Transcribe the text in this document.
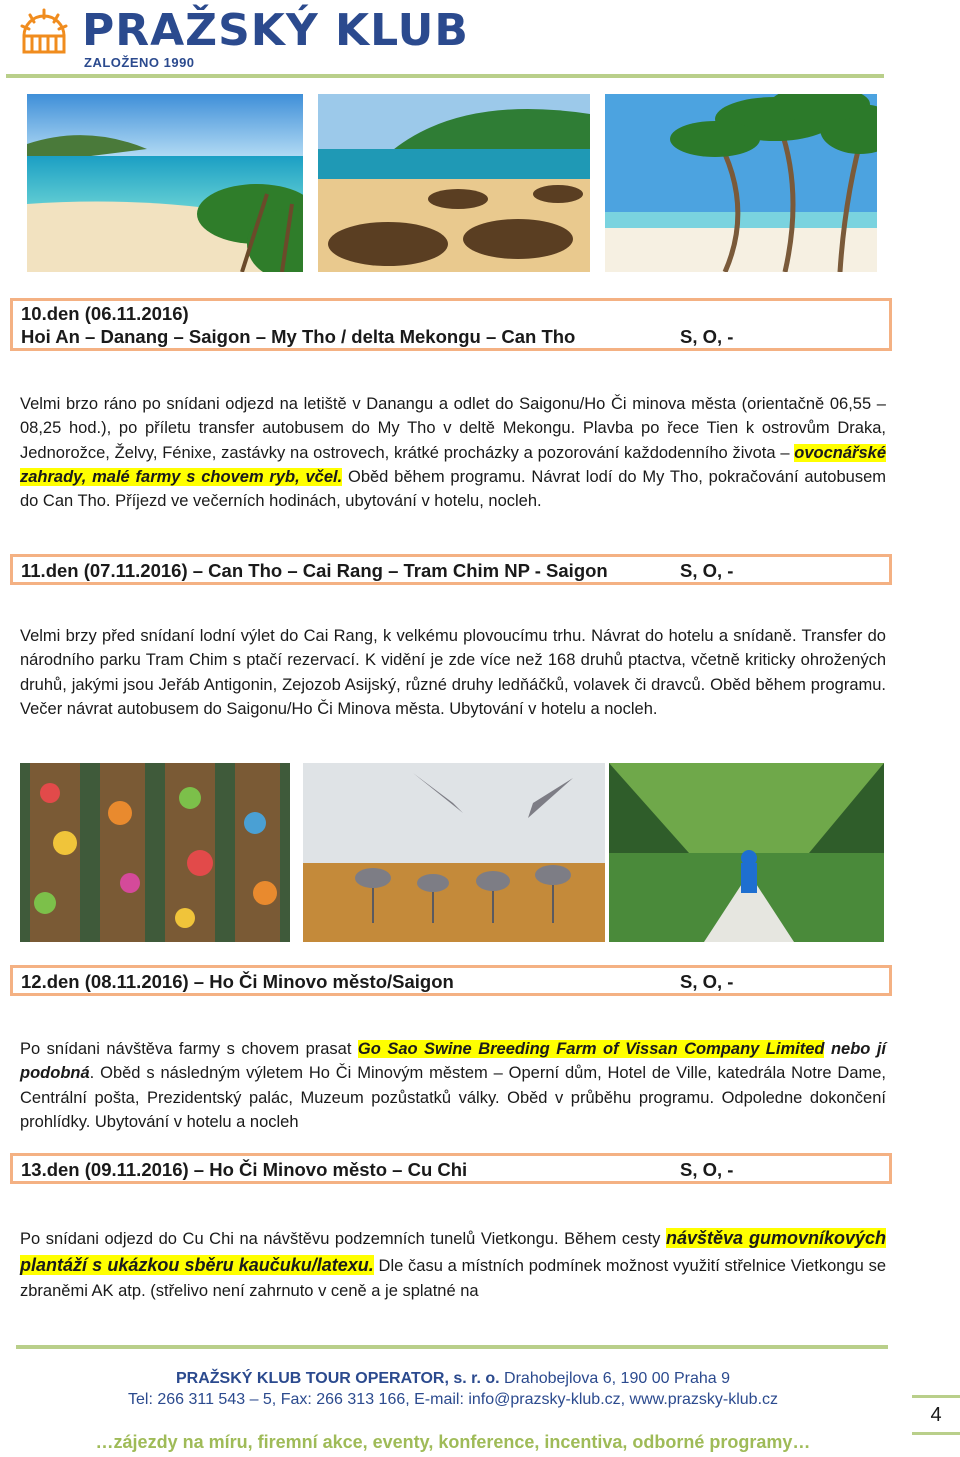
PRAŽSKÝ KLUB
ZALOŽENO 1990
10.den (06.11.2016)
Hoi An – Danang – Saigon – My Tho / delta Mekongu – Can Tho	S, O, -
Velmi brzo ráno po snídani odjezd na letiště v Danangu a odlet do Saigonu/Ho Či minova města (orientačně 06,55 – 08,25 hod.), po příletu transfer autobusem do My Tho v deltě Mekongu. Plavba po řece Tien k ostrovům Draka, Jednorožce, Želvy, Fénixe, zastávky na ostrovech, krátké procházky a pozorování každodenního života – ovocnářské zahrady, malé farmy s chovem ryb, včel. Oběd během programu. Návrat lodí do My Tho, pokračování autobusem do Can Tho. Příjezd ve večerních hodinách, ubytování v hotelu, nocleh.
11.den (07.11.2016) – Can Tho – Cai Rang – Tram Chim NP - Saigon	S, O, -
Velmi brzy před snídaní lodní výlet do Cai Rang, k velkému plovoucímu trhu. Návrat do hotelu a snídaně. Transfer do národního parku Tram Chim s ptačí rezervací. K vidění je zde více než 168 druhů ptactva, včetně kriticky ohrožených druhů, jakými jsou Jeřáb Antigonin, Zejozob Asijský, různé druhy ledňáčků, volavek či dravců. Oběd během programu. Večer návrat autobusem do Saigonu/Ho Či Minova města. Ubytování v hotelu a nocleh.
12.den (08.11.2016) – Ho Či Minovo město/Saigon	S, O, -
Po snídani návštěva farmy s chovem prasat Go Sao Swine Breeding Farm of Vissan Company Limited nebo jí podobná. Oběd s následným výletem Ho Či Minovým městem – Operní dům, Hotel de Ville, katedrála Notre Dame, Centrální pošta, Prezidentský palác, Muzeum pozůstatků války. Oběd v průběhu programu. Odpoledne dokončení prohlídky. Ubytování v hotelu a nocleh
13.den (09.11.2016) – Ho Či Minovo město – Cu Chi	S, O, -
Po snídani odjezd do Cu Chi na návštěvu podzemních tunelů Vietkongu. Během cesty návštěva gumovníkových plantáží s ukázkou sběru kaučuku/latexu. Dle času a místních podmínek možnost využití střelnice Vietkongu se zbraněmi AK atp. (střelivo není zahrnuto v ceně a je splatné na
PRAŽSKÝ KLUB TOUR OPERATOR, s. r. o. Drahobejlova 6, 190 00 Praha 9
Tel: 266 311 543 – 5, Fax: 266 313 166, E-mail: info@prazsky-klub.cz, www.prazsky-klub.cz
…zájezdy na míru, firemní akce, eventy, konference, incentiva, odborné programy…
4
